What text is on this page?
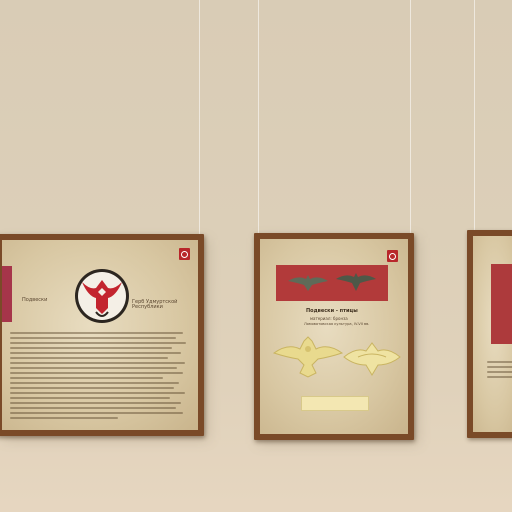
Герб Удмуртской Республики
Подвески
Подвески - птицы
материал: бронза
Ломоватовская культура, IV-VII вв.
